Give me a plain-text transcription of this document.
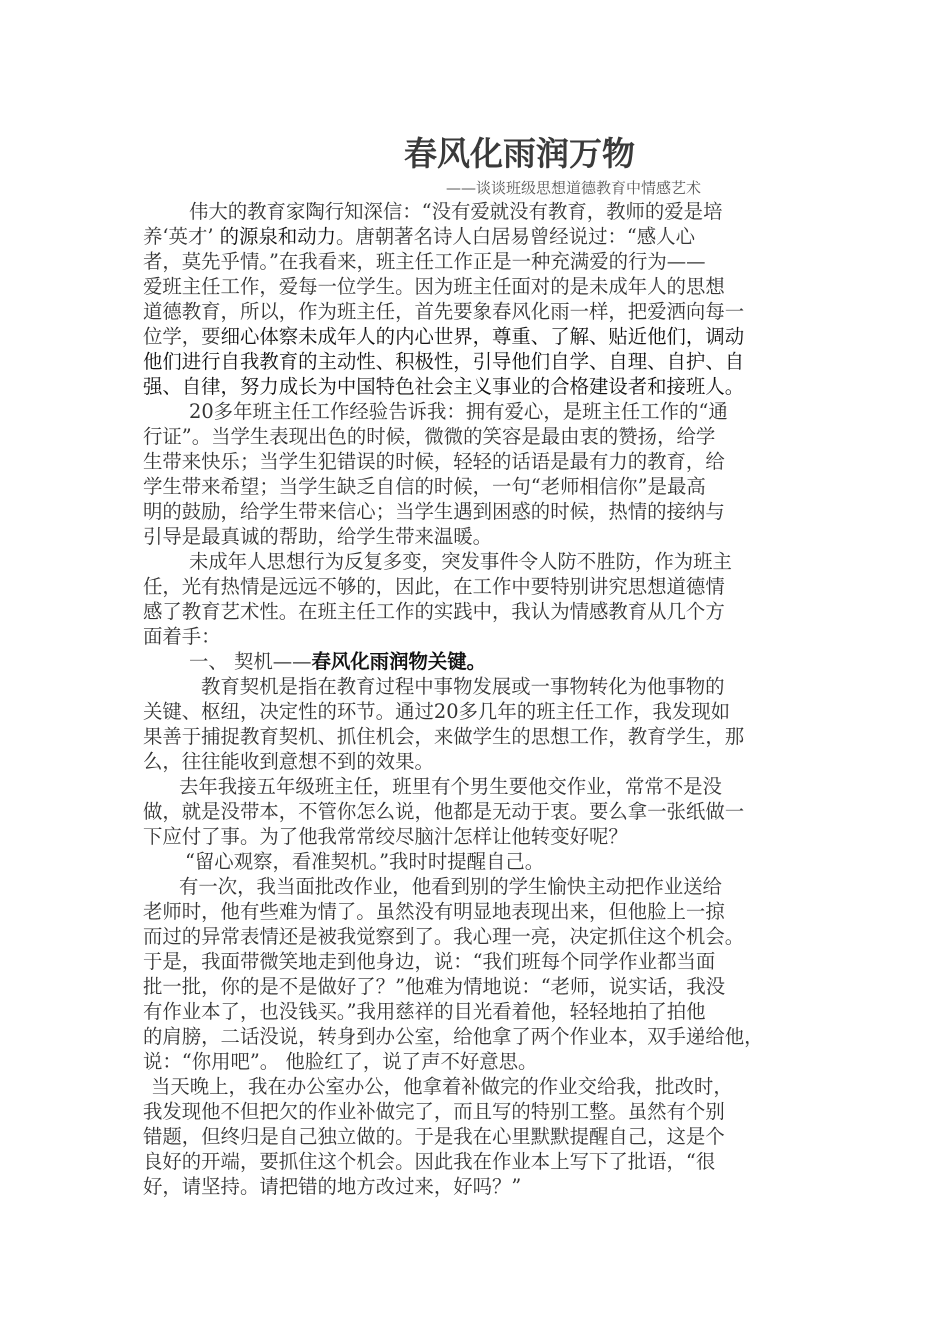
春风化雨润万物
——谈谈班级思想道德教育中情感艺术
伟大的教育家陶行知深信：“没有爱就没有教育，教师的爱是培
养‘英才’ 的源泉和动力。唐朝著名诗人白居易曾经说过：“感人心
者，莫先乎情。”在我看来，班主任工作正是一种充满爱的行为——
爱班主任工作，爱每一位学生。因为班主任面对的是未成年人的思想
道德教育，所以，作为班主任，首先要象春风化雨一样，把爱洒向每一
位学，要细心体察未成年人的内心世界，尊重、了解、贴近他们，调动
他们进行自我教育的主动性、积极性，引导他们自学、自理、自护、自
强、自律，努力成长为中国特色社会主义事业的合格建设者和接班人。
20多年班主任工作经验告诉我：拥有爱心，是班主任工作的“通
行证”。当学生表现出色的时候，微微的笑容是最由衷的赞扬，给学
生带来快乐；当学生犯错误的时候，轻轻的话语是最有力的教育，给
学生带来希望；当学生缺乏自信的时候，一句“老师相信你”是最高
明的鼓励，给学生带来信心；当学生遇到困惑的时候，热情的接纳与
引导是最真诚的帮助，给学生带来温暖。
未成年人思想行为反复多变，突发事件令人防不胜防，作为班主
任，光有热情是远远不够的，因此，在工作中要特别讲究思想道德情
感了教育艺术性。在班主任工作的实践中，我认为情感教育从几个方
面着手：
一、 契机——春风化雨润物关键。
教育契机是指在教育过程中事物发展或一事物转化为他事物的
关键、枢纽，决定性的环节。通过20多几年的班主任工作，我发现如
果善于捕捉教育契机、抓住机会，来做学生的思想工作，教育学生，那
么，往往能收到意想不到的效果。
去年我接五年级班主任，班里有个男生要他交作业，常常不是没
做，就是没带本，不管你怎么说，他都是无动于衷。要么拿一张纸做一
下应付了事。为了他我常常绞尽脑汁怎样让他转变好呢？
“留心观察，看准契机。”我时时提醒自己。
有一次，我当面批改作业，他看到别的学生愉快主动把作业送给
老师时，他有些难为情了。虽然没有明显地表现出来，但他脸上一掠
而过的异常表情还是被我觉察到了。我心理一亮，决定抓住这个机会。
于是，我面带微笑地走到他身边，说：“我们班每个同学作业都当面
批一批，你的是不是做好了？”他难为情地说：“老师，说实话，我没
有作业本了，也没钱买。”我用慈祥的目光看着他，轻轻地拍了拍他
的肩膀，二话没说，转身到办公室，给他拿了两个作业本，双手递给他，
说：“你用吧”。 他脸红了，说了声不好意思。
当天晚上，我在办公室办公，他拿着补做完的作业交给我，批改时，
我发现他不但把欠的作业补做完了，而且写的特别工整。虽然有个别
错题，但终归是自己独立做的。于是我在心里默默提醒自己，这是个
良好的开端，要抓住这个机会。因此我在作业本上写下了批语，“很
好，请坚持。请把错的地方改过来，好吗？”
